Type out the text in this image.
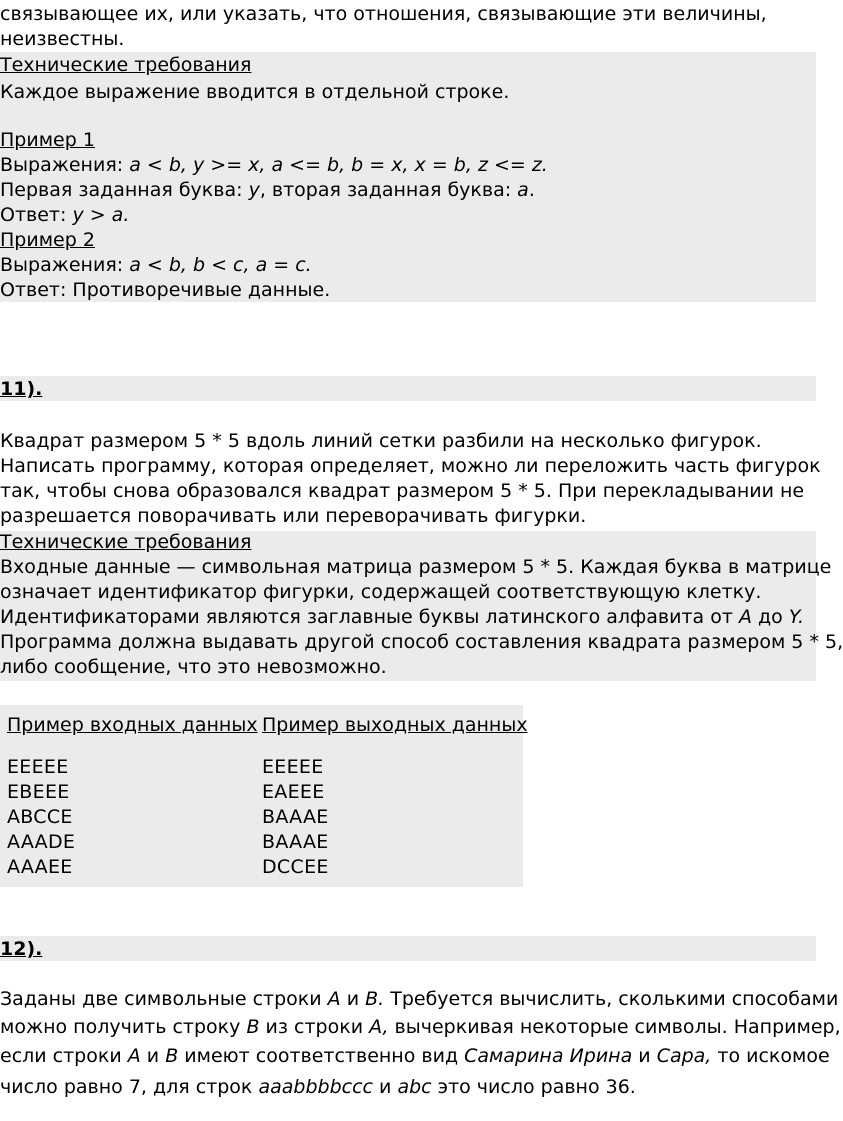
связывающее их, или указать, что отношения, связывающие эти величины,
неизвестны.
Технические требования
Каждое выражение вводится в отдельной строке.
Пример 1
Выражения: a < b, y >= x, a <= b, b = x, x = b, z <= z.
Первая заданная буква: y, вторая заданная буква: a.
Ответ: y > a.
Пример 2
Выражения: a < b, b < c, a = c.
Ответ: Противоречивые данные.
11).
Квадрат размером 5 * 5 вдоль линий сетки разбили на несколько фигурок.
Написать программу, которая определяет, можно ли переложить часть фигурок
так, чтобы снова образовался квадрат размером 5 * 5. При перекладывании не
разрешается поворачивать или переворачивать фигурки.
Технические требования
Входные данные — символьная матрица размером 5 * 5. Каждая буква в матрице
означает идентификатор фигурки, содержащей соответствующую клетку.
Идентификаторами являются заглавные буквы латинского алфавита от A до Y.
Программа должна выдавать другой способ составления квадрата размером 5 * 5,
либо сообщение, что это невозможно.
Пример входных данных Пример выходных данных
EEEEE
EBEEE
ABCCE
AAADE
AAAEE
EEEEE
EAEEE
BAAAE
BAAAE
DCCEE
12).
Заданы две символьные строки A и B. Требуется вычислить, сколькими способами
можно получить строку B из строки A, вычеркивая некоторые символы. Например,
если строки A и B имеют соответственно вид Самарина Ирина и Сара, то искомое
число равно 7, для строк aaabbbbccc и abc это число равно 36.
